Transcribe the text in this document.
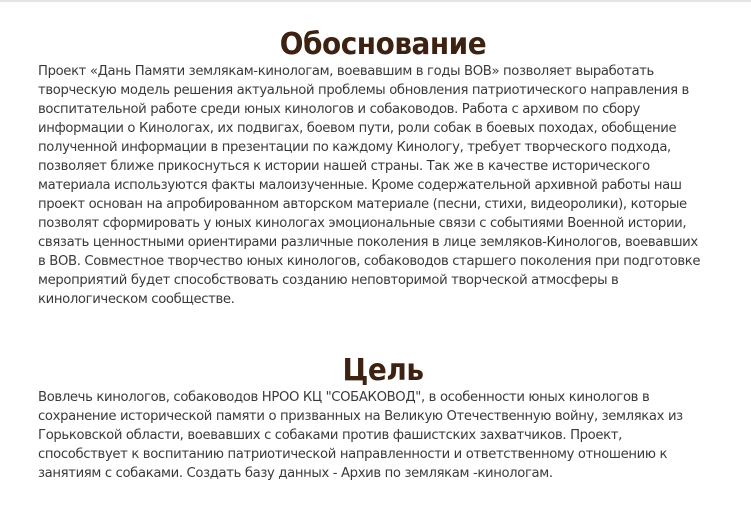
Обоснование

Проект «Дань Памяти землякам-кинологам, воевавшим в годы ВОВ» позволяет выработать
творческую модель решения актуальной проблемы обновления патриотического направления в
воспитательной работе среди юных кинологов и собаководов. Работа с архивом по сбору
информации о Кинологах, их подвигах, боевом пути, роли собак в боевых походах, обобщение
полученной информации в презентации по каждому Кинологу, требует творческого подхода,
позволяет ближе прикоснуться к истории нашей страны. Так же в качестве исторического
материала используются факты малоизученные. Кроме содержательной архивной работы наш
проект основан на апробированном авторском материале (песни, стихи, видеоролики), которые
позволят сформировать у юных кинологах эмоциональные связи с событиями Военной истории,
связать ценностными ориентирами различные поколения в лице земляков-Кинологов, воевавших
в ВОВ. Совместное творчество юных кинологов, собаководов старшего поколения при подготовке
мероприятий будет способствовать созданию неповторимой творческой атмосферы в
кинологическом сообществе.

Цель

Вовлечь кинологов, собаководов НРОО КЦ "СОБАКОВОД", в особенности юных кинологов в
сохранение исторической памяти о призванных на Великую Отечественную войну, земляках из
Горьковской области, воевавших с собаками против фашистских захватчиков. Проект,
способствует к воспитанию патриотической направленности и ответственному отношению к
занятиям с собаками. Создать базу данных - Архив по землякам -кинологам.
